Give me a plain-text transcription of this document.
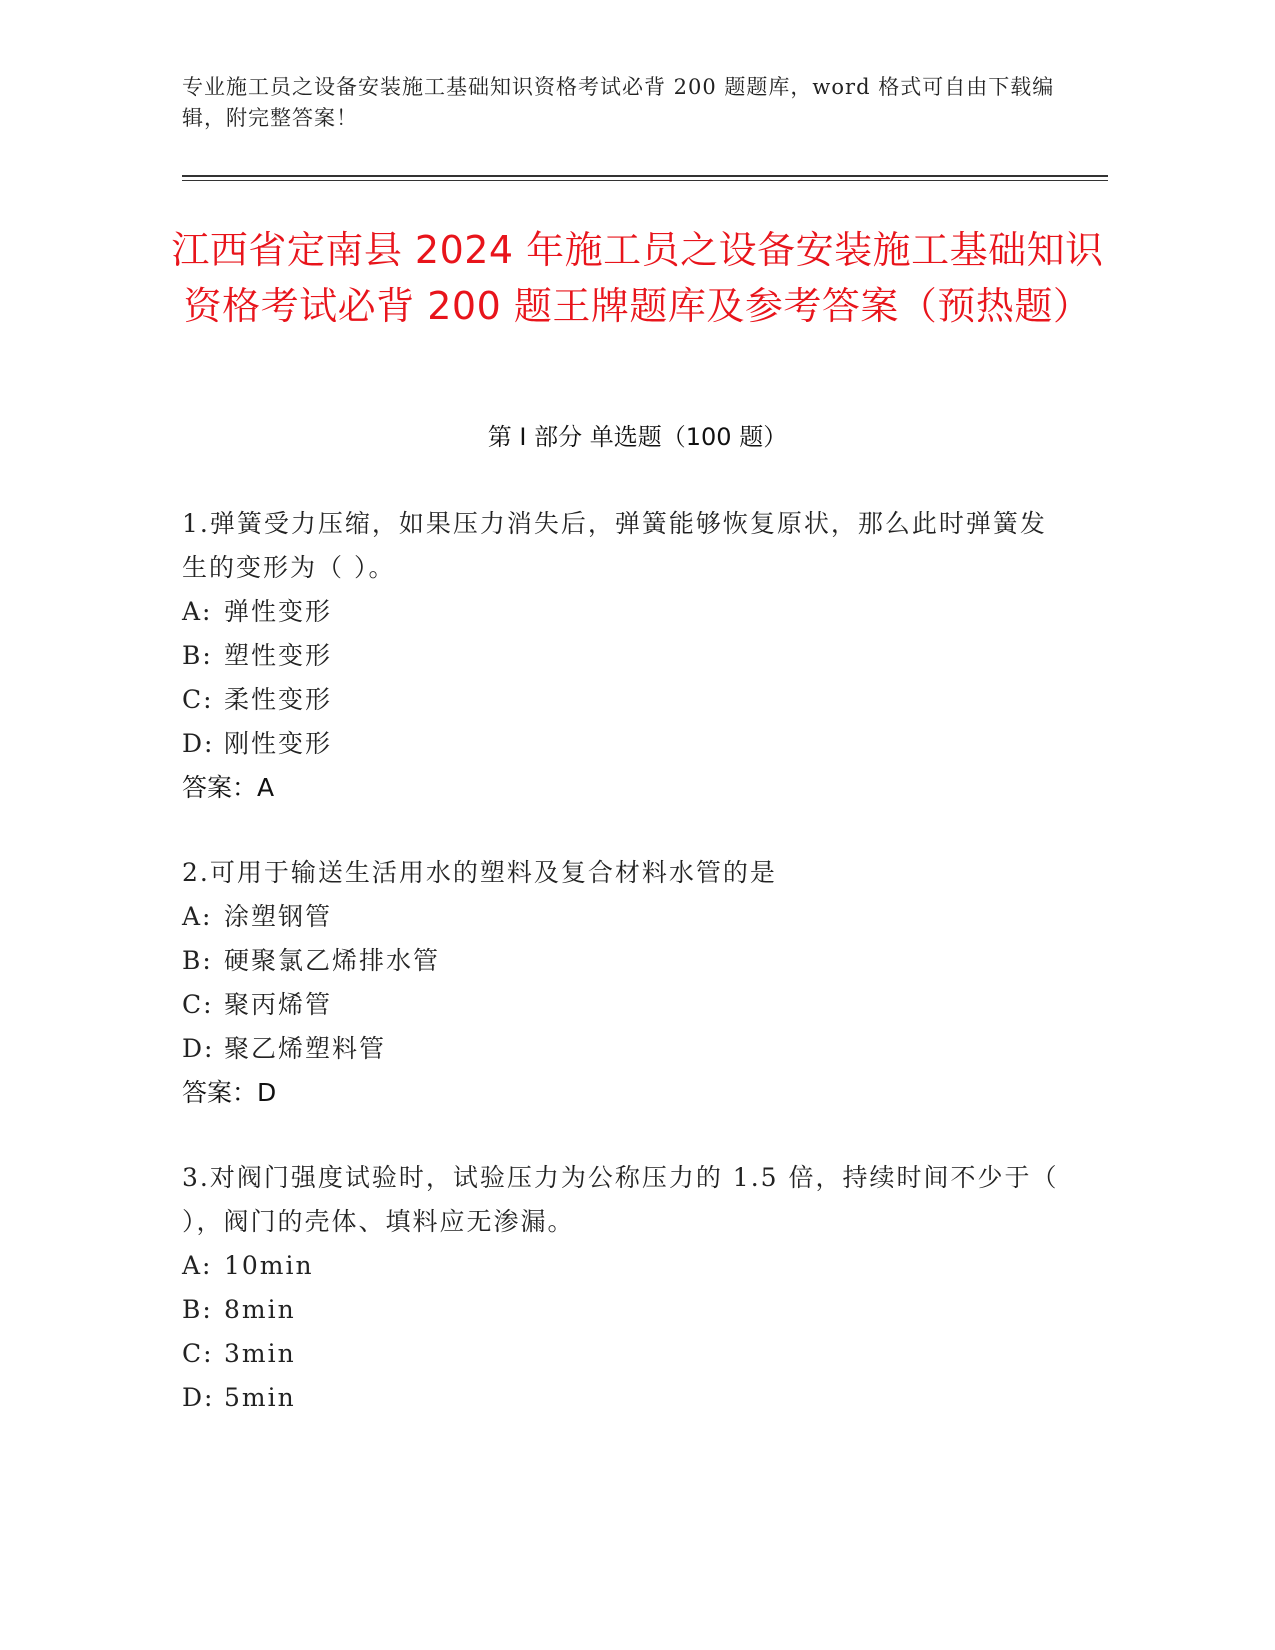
专业施工员之设备安装施工基础知识资格考试必背 200 题题库，word 格式可自由下载编辑，附完整答案！
江西省定南县 2024 年施工员之设备安装施工基础知识资格考试必背 200 题王牌题库及参考答案（预热题）
第 I 部分 单选题（100 题）
1.弹簧受力压缩，如果压力消失后，弹簧能够恢复原状，那么此时弹簧发生的变形为（ ）。
A: 弹性变形
B: 塑性变形
C: 柔性变形
D: 刚性变形
答案：A
2.可用于输送生活用水的塑料及复合材料水管的是
A: 涂塑钢管
B: 硬聚氯乙烯排水管
C: 聚丙烯管
D: 聚乙烯塑料管
答案：D
3.对阀门强度试验时，试验压力为公称压力的 1.5 倍，持续时间不少于（ ），阀门的壳体、填料应无渗漏。
A: 10min
B: 8min
C: 3min
D: 5min
